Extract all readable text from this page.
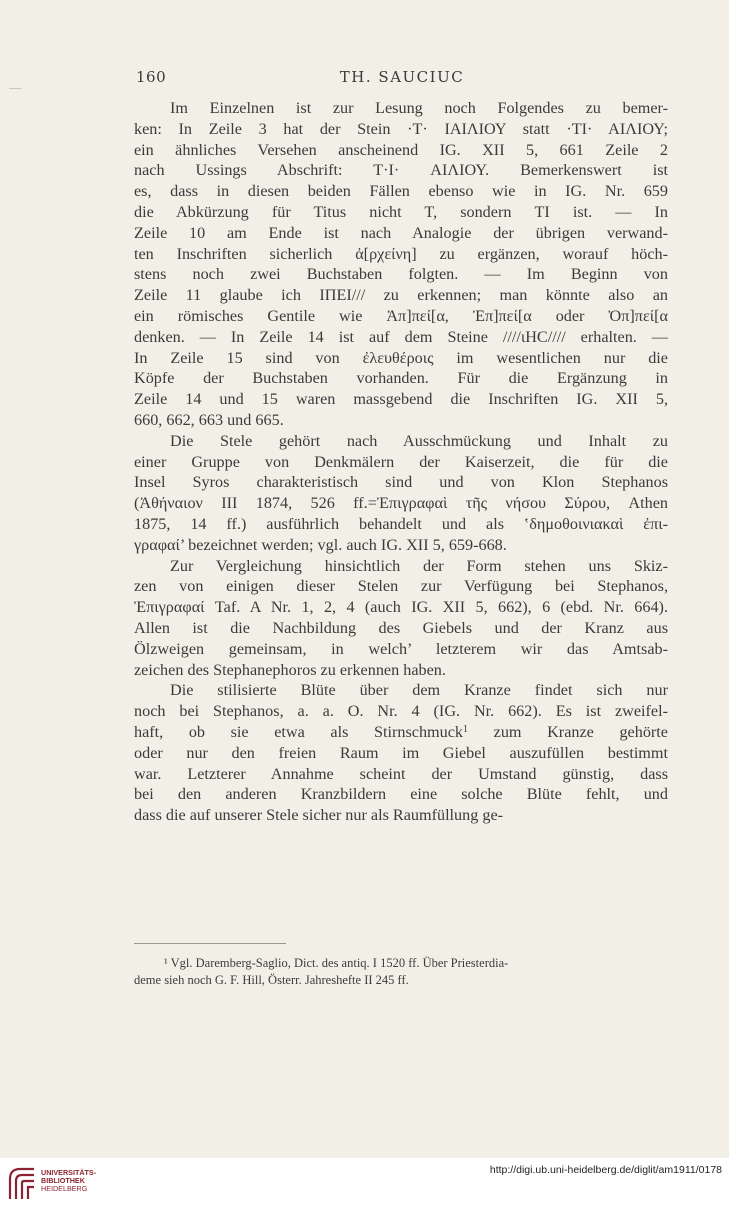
160	TH. SAUCIUC

Im Einzelnen ist zur Lesung noch Folgendes zu bemer-
ken: In Zeile 3 hat der Stein ·T· ΙΑΙΛΙΟΥ statt ·ΤΙ· ΑΙΛΙΟΥ;
ein ähnliches Versehen anscheinend IG. XII 5, 661 Zeile 2
nach Ussings Abschrift: T·I· ΑΙΛΙΟΥ. Bemerkenswert ist
es, dass in diesen beiden Fällen ebenso wie in IG. Nr. 659
die Abkürzung für Titus nicht T, sondern ΤΙ ist. — In
Zeile 10 am Ende ist nach Analogie der übrigen verwand-
ten Inschriften sicherlich ἀ[ρχείνη] zu ergänzen, worauf höch-
stens noch zwei Buchstaben folgten. — Im Beginn von
Zeile 11 glaube ich ΙΠΕΙ/// zu erkennen; man könnte also an
ein römisches Gentile wie Ἀπ]πεί[α, Ἐπ]πεί[α oder Ὀπ]πεί[α
denken. — In Zeile 14 ist auf dem Steine ////ιΗC//// erhalten. —
In Zeile 15 sind von ἐλευθέροις im wesentlichen nur die
Köpfe der Buchstaben vorhanden. Für die Ergänzung in
Zeile 14 und 15 waren massgebend die Inschriften IG. XII 5,
660, 662, 663 und 665.

Die Stele gehört nach Ausschmückung und Inhalt zu
einer Gruppe von Denkmälern der Kaiserzeit, die für die
Insel Syros charakteristisch sind und von Klon Stephanos
(Ἀθήναιον III 1874, 526 ff.=Ἐπιγραφαὶ τῆς νήσου Σύρου, Athen
1875, 14 ff.) ausführlich behandelt und als ʽδημοθοινιακαὶ ἐπι-
γραφαί’ bezeichnet werden; vgl. auch IG. XII 5, 659-668.

Zur Vergleichung hinsichtlich der Form stehen uns Skiz-
zen von einigen dieser Stelen zur Verfügung bei Stephanos,
Ἐπιγραφαί Taf. A Nr. 1, 2, 4 (auch IG. XII 5, 662), 6 (ebd. Nr. 664).
Allen ist die Nachbildung des Giebels und der Kranz aus
Ölzweigen gemeinsam, in welch’ letzterem wir das Amtsab-
zeichen des Stephanephoros zu erkennen haben.

Die stilisierte Blüte über dem Kranze findet sich nur
noch bei Stephanos, a. a. O. Nr. 4 (IG. Nr. 662). Es ist zweifel-
haft, ob sie etwa als Stirnschmuck$^1$ zum Kranze gehörte
oder nur den freien Raum im Giebel auszufüllen bestimmt
war. Letzterer Annahme scheint der Umstand günstig, dass
bei den anderen Kranzbildern eine solche Blüte fehlt, und
dass die auf unserer Stele sicher nur als Raumfüllung ge-

¹ Vgl. Daremberg-Saglio, Dict. des antiq. I 1520 ff. Über Priesterdia-
deme sieh noch G. F. Hill, Österr. Jahreshefte II 245 ff.
UNIVERSITÄTS-
BIBLIOTHEK
HEIDELBERG
http://digi.ub.uni-heidelberg.de/diglit/am1911/0178
